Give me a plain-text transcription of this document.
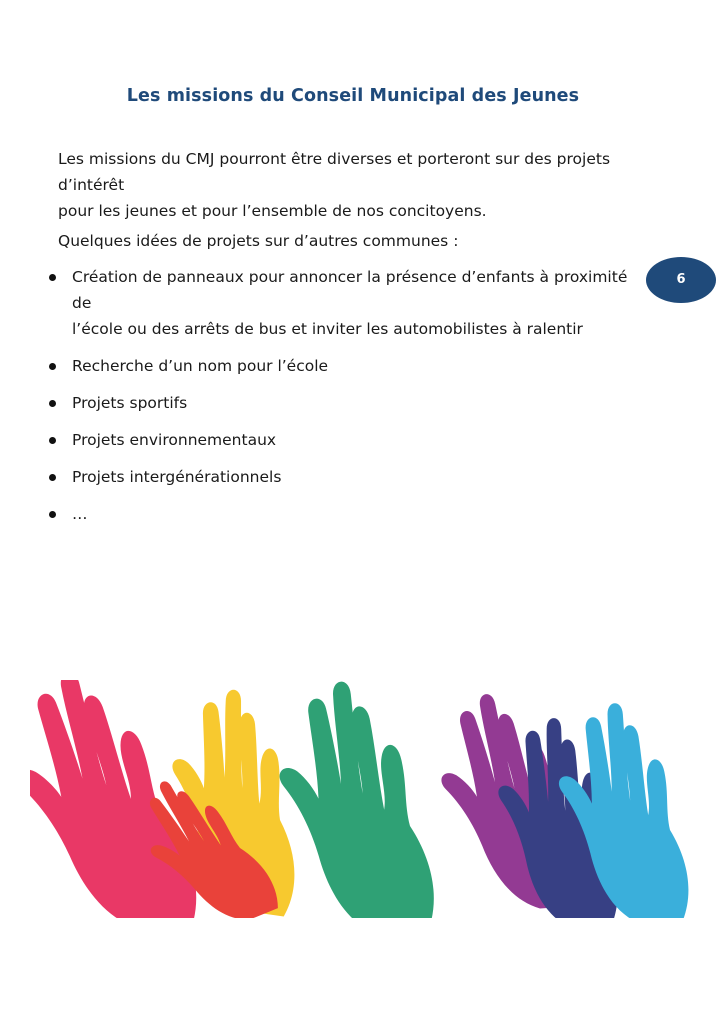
Les missions du Conseil Municipal des Jeunes
Les missions du CMJ pourront être diverses et porteront sur des projets d’intérêt
pour les jeunes et pour l’ensemble de nos concitoyens.
Quelques idées de projets sur d’autres communes :
Création de panneaux pour annoncer la présence d’enfants à proximité de
l’école ou des arrêts de bus et inviter les automobilistes à ralentir
Recherche d’un nom pour l’école
Projets sportifs
Projets environnementaux
Projets intergénérationnels
…
6
